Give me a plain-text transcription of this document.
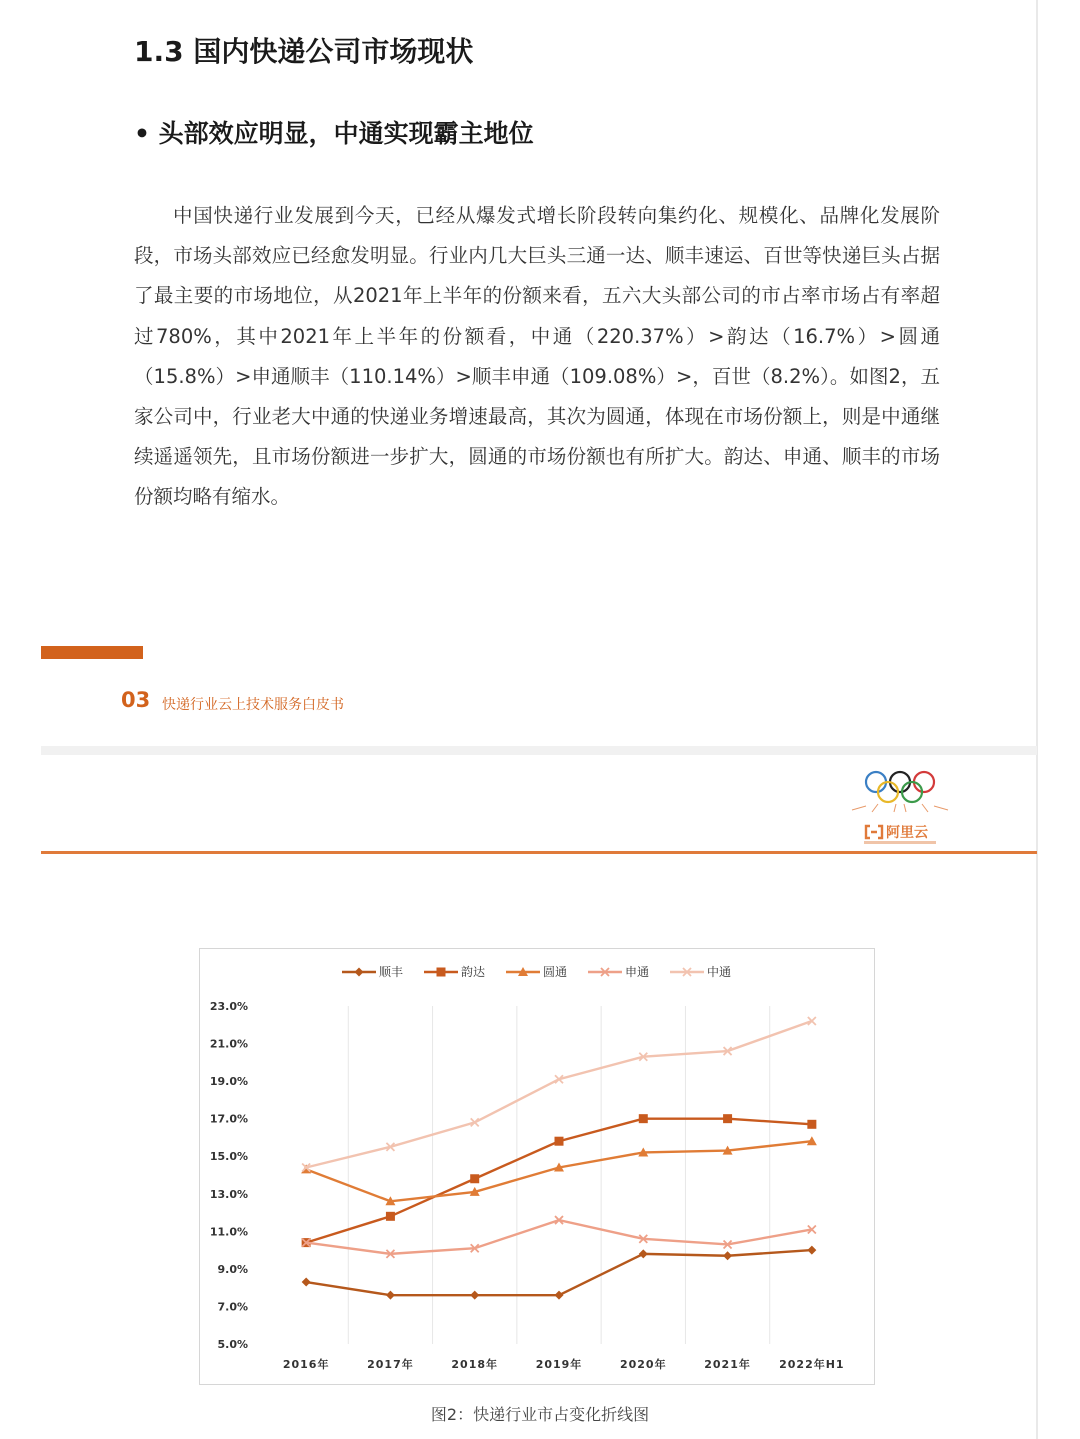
1.3 国内快递公司市场现状
• 头部效应明显，中通实现霸主地位

中国快递行业发展到今天，已经从爆发式增长阶段转向集约化、规模化、品牌化发展阶段，市场头部效应已经愈发明显。行业内几大巨头三通一达、顺丰速运、百世等快递巨头占据了最主要的市场地位，从2021年上半年的份额来看，五六大头部公司的市占率市场占有率超过780%，其中2021年上半年的份额看，中通（220.37%）>韵达（16.7%）>圆通（15.8%）>申通顺丰（110.14%）>顺丰申通（109.08%）>，百世（8.2%）。如图2，五家公司中，行业老大中通的快递业务增速最高，其次为圆通，体现在市场份额上，则是中通继续遥遥领先，且市场份额进一步扩大，圆通的市场份额也有所扩大。韵达、申通、顺丰的市场份额均略有缩水。

03 快递行业云上技术服务白皮书
阿里云
5.0%
7.0%
9.0%
11.0%
13.0%
15.0%
17.0%
19.0%
21.0%
23.0%
2016年	2017年	2018年	2019年	2020年	2021年	2022年H1
顺丰	韵达	圆通	申通	中通
图2：快递行业市占变化折线图
